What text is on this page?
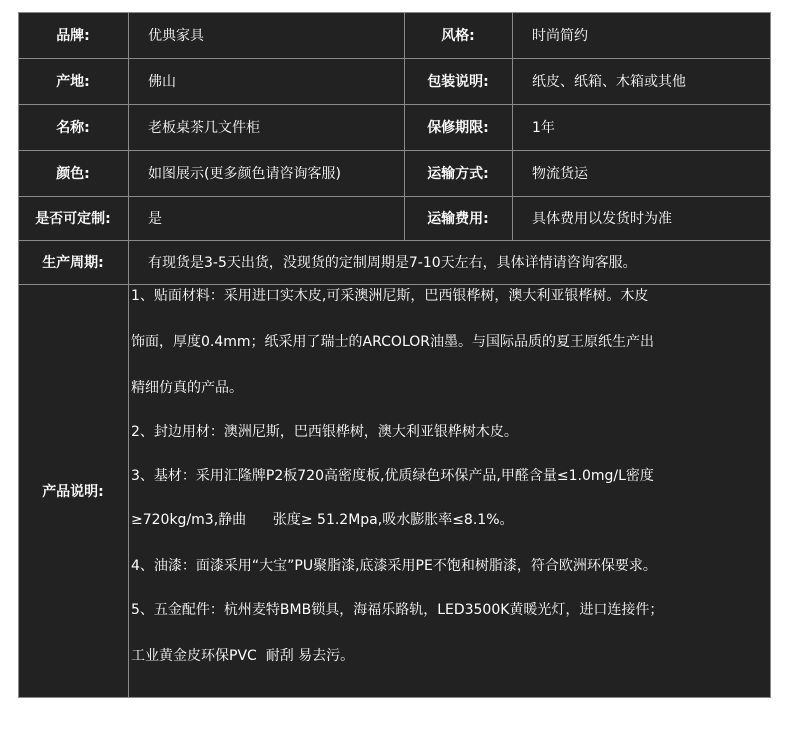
品牌:	优典家具	风格:	时尚简约
产地:	佛山	包装说明:	纸皮、纸箱、木箱或其他
名称:	老板桌茶几文件柜	保修期限:	1年
颜色:	如图展示(更多颜色请咨询客服)	运输方式:	物流货运
是否可定制:	是	运输费用:	具体费用以发货时为准
生产周期:	有现货是3-5天出货，没现货的定制周期是7-10天左右，具体详情请咨询客服。
产品说明:
1、贴面材料：采用进口实木皮,可采澳洲尼斯，巴西银桦树，澳大利亚银桦树。木皮
饰面，厚度0.4mm；纸采用了瑞士的ARCOLOR油墨。与国际品质的夏王原纸生产出
精细仿真的产品。
2、封边用材：澳洲尼斯，巴西银桦树，澳大利亚银桦树木皮。
3、基材：采用汇隆牌P2板720高密度板,优质绿色环保产品,甲醛含量≤1.0mg/L密度
≥720kg/m3,静曲      张度≥ 51.2Mpa,吸水膨胀率≤8.1%。
4、油漆：面漆采用“大宝”PU聚脂漆,底漆采用PE不饱和树脂漆，符合欧洲环保要求。
5、五金配件：杭州麦特BMB锁具，海福乐路轨，LED3500K黄暖光灯，进口连接件；
工业黄金皮环保PVC  耐刮 易去污。
